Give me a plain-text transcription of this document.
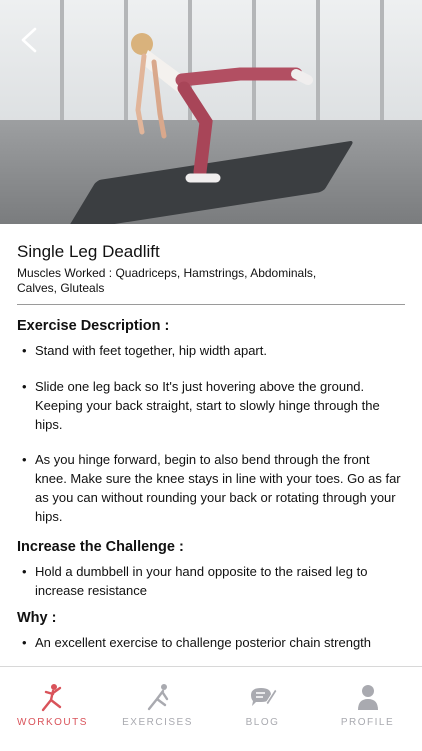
Single Leg Deadlift
Muscles Worked : Quadriceps, Hamstrings, Abdominals, Calves, Gluteals
Exercise Description :
• Stand with feet together, hip width apart.
• Slide one leg back so It's just hovering above the ground. Keeping your back straight, start to slowly hinge through the hips.
• As you hinge forward, begin to also bend through the front knee. Make sure the knee stays in line with your toes. Go as far as you can without rounding your back or rotating through your hips.
Increase the Challenge :
• Hold a dumbbell in your hand opposite to the raised leg to increase resistance
Why :
• An excellent exercise to challenge posterior chain strength
WORKOUTS	EXERCISES	BLOG	PROFILE
